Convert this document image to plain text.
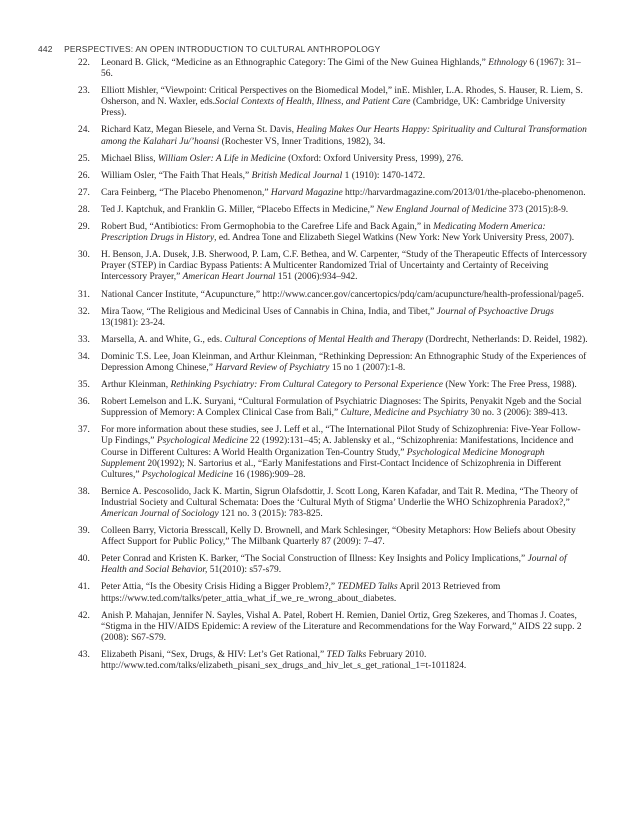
442 PERSPECTIVES: AN OPEN INTRODUCTION TO CULTURAL ANTHROPOLOGY
22. Leonard B. Glick, “Medicine as an Ethnographic Category: The Gimi of the New Guinea Highlands,” Ethnology 6 (1967): 31–56.
23. Elliott Mishler, “Viewpoint: Critical Perspectives on the Biomedical Model,” inE. Mishler, L.A. Rhodes, S. Hauser, R. Liem, S. Osherson, and N. Waxler, eds.Social Contexts of Health, Illness, and Patient Care (Cambridge, UK: Cambridge University Press).
24. Richard Katz, Megan Biesele, and Verna St. Davis, Healing Makes Our Hearts Happy: Spirituality and Cultural Transformation among the Kalahari Ju/’hoansi (Rochester VS, Inner Traditions, 1982), 34.
25. Michael Bliss, William Osler: A Life in Medicine (Oxford: Oxford University Press, 1999), 276.
26. William Osler, “The Faith That Heals,” British Medical Journal 1 (1910): 1470-1472.
27. Cara Feinberg, “The Placebo Phenomenon,” Harvard Magazine http://harvardmagazine.com/2013/01/the-placebo-phenomenon.
28. Ted J. Kaptchuk, and Franklin G. Miller, “Placebo Effects in Medicine,” New England Journal of Medicine 373 (2015):8-9.
29. Robert Bud, “Antibiotics: From Germophobia to the Carefree Life and Back Again,” in Medicating Modern America: Prescription Drugs in History, ed. Andrea Tone and Elizabeth Siegel Watkins (New York: New York University Press, 2007).
30. H. Benson, J.A. Dusek, J.B. Sherwood, P. Lam, C.F. Bethea, and W. Carpenter, “Study of the Therapeutic Effects of Intercessory Prayer (STEP) in Cardiac Bypass Patients: A Multicenter Randomized Trial of Uncertainty and Certainty of Receiving Intercessory Prayer,” American Heart Journal 151 (2006):934–942.
31. National Cancer Institute, “Acupuncture,” http://www.cancer.gov/cancertopics/pdq/cam/acupuncture/health-professional/page5.
32. Mira Taow, “The Religious and Medicinal Uses of Cannabis in China, India, and Tibet,” Journal of Psychoactive Drugs 13(1981): 23-24.
33. Marsella, A. and White, G., eds. Cultural Conceptions of Mental Health and Therapy (Dordrecht, Netherlands: D. Reidel, 1982).
34. Dominic T.S. Lee, Joan Kleinman, and Arthur Kleinman, “Rethinking Depression: An Ethnographic Study of the Experiences of Depression Among Chinese,” Harvard Review of Psychiatry 15 no 1 (2007):1-8.
35. Arthur Kleinman, Rethinking Psychiatry: From Cultural Category to Personal Experience (New York: The Free Press, 1988).
36. Robert Lemelson and L.K. Suryani, “Cultural Formulation of Psychiatric Diagnoses: The Spirits, Penyakit Ngeb and the Social Suppression of Memory: A Complex Clinical Case from Bali,” Culture, Medicine and Psychiatry 30 no. 3 (2006): 389-413.
37. For more information about these studies, see J. Leff et al., “The International Pilot Study of Schizophrenia: Five-Year Follow-Up Findings,” Psychological Medicine 22 (1992):131–45; A. Jablensky et al., “Schizophrenia: Manifestations, Incidence and Course in Different Cultures: A World Health Organization Ten-Country Study,” Psychological Medicine Monograph Supplement 20(1992); N. Sartorius et al., “Early Manifestations and First-Contact Incidence of Schizophrenia in Different Cultures,” Psychological Medicine 16 (1986):909–28.
38. Bernice A. Pescosolido, Jack K. Martin, Sigrun Olafsdottir, J. Scott Long, Karen Kafadar, and Tait R. Medina, “The Theory of Industrial Society and Cultural Schemata: Does the ‘Cultural Myth of Stigma’ Underlie the WHO Schizophrenia Paradox?,” American Journal of Sociology 121 no. 3 (2015): 783-825.
39. Colleen Barry, Victoria Bresscall, Kelly D. Brownell, and Mark Schlesinger, “Obesity Metaphors: How Beliefs about Obesity Affect Support for Public Policy,” The Milbank Quarterly 87 (2009): 7–47.
40. Peter Conrad and Kristen K. Barker, “The Social Construction of Illness: Key Insights and Policy Implications,” Journal of Health and Social Behavior, 51(2010): s57-s79.
41. Peter Attia, “Is the Obesity Crisis Hiding a Bigger Problem?,” TEDMED Talks April 2013 Retrieved from https://www.ted.com/talks/peter_attia_what_if_we_re_wrong_about_diabetes.
42. Anish P. Mahajan, Jennifer N. Sayles, Vishal A. Patel, Robert H. Remien, Daniel Ortiz, Greg Szekeres, and Thomas J. Coates, “Stigma in the HIV/AIDS Epidemic: A review of the Literature and Recommendations for the Way Forward,” AIDS 22 supp. 2 (2008): S67-S79.
43. Elizabeth Pisani, “Sex, Drugs, & HIV: Let’s Get Rational,” TED Talks February 2010. http://www.ted.com/talks/elizabeth_pisani_sex_drugs_and_hiv_let_s_get_rational_1=t-1011824.
